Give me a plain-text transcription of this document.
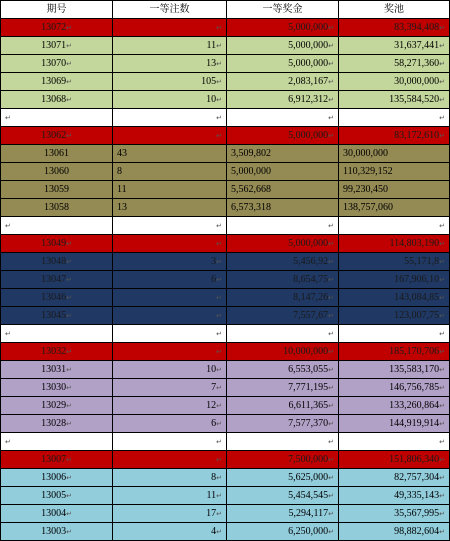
期号	一等注数	一等奖金	奖池
13072↵	↵	5,000,000↵	83,394,408↵
13071↵	11↵	5,000,000↵	31,637,441↵
13070↵	13↵	5,000,000↵	58,271,360↵
13069↵	105↵	2,083,167↵	30,000,000↵
13068↵	10↵	6,912,312↵	135,584,520↵
↵	↵	↵	↵
13062↵	↵	5,000,000↵	83,172,610↵
13061	43	3,509,802	30,000,000
13060	8	5,000,000	110,329,152
13059	11	5,562,668	99,230,450
13058	13	6,573,318	138,757,060
↵	↵	↵	↵
13049↵	↵	5,000,000↵	114,803,190↵
13048↵	3↵	5,456,92↵	55,171,8↵
13047↵	6↵	8,654,75↵	167,906,10↵
13046↵	↵	8,147,26↵	143,084,85↵
13045↵	↵	7,557,67↵	123,007,75↵
↵	↵	↵	↵
13032↵	↵	10,000,000↵	185,170,706↵
13031↵	10↵	6,553,055↵	135,583,170↵
13030↵	7↵	7,771,195↵	146,756,785↵
13029↵	12↵	6,611,365↵	133,260,864↵
13028↵	6↵	7,577,370↵	144,919,914↵
↵	↵	↵	↵
13007↵	↵	7,500,000↵	151,806,340↵
13006↵	8↵	5,625,000↵	82,757,304↵
13005↵	11↵	5,454,545↵	49,335,143↵
13004↵	17↵	5,294,117↵	35,567,995↵
13003↵	4↵	6,250,000↵	98,882,604↵
